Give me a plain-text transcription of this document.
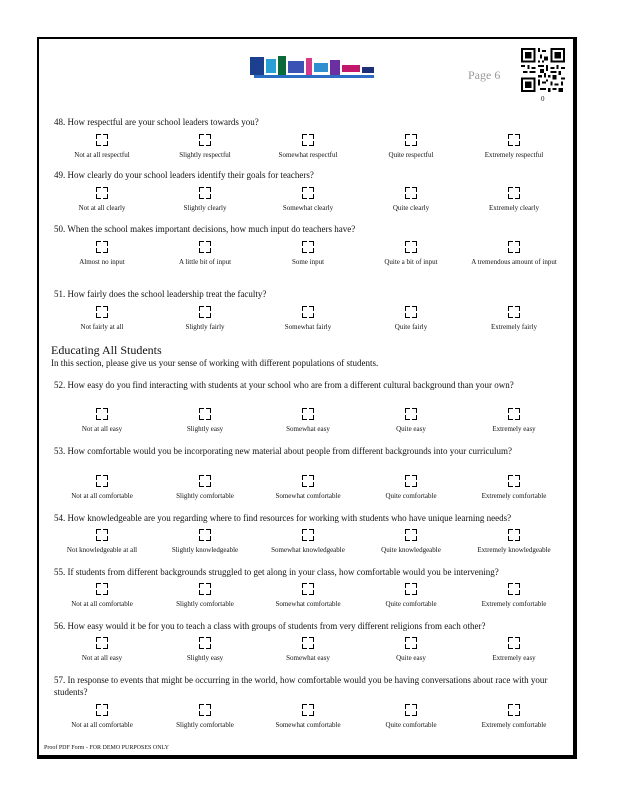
Page 6
0
48. How respectful are your school leaders towards you?
Not at all respectful	Slightly respectful	Somewhat respectful	Quite respectful	Extremely respectful
49. How clearly do your school leaders identify their goals for teachers?
Not at all clearly	Slightly clearly	Somewhat clearly	Quite clearly	Extremely clearly
50. When the school makes important decisions, how much input do teachers have?
Almost no input	A little bit of input	Some input	Quite a bit of input	A tremendous amount of input
51. How fairly does the school leadership treat the faculty?
Not fairly at all	Slightly fairly	Somewhat fairly	Quite fairly	Extremely fairly
Educating All Students
In this section, please give us your sense of working with different populations of students.
52. How easy do you find interacting with students at your school who are from a different cultural background than your own?
Not at all easy	Slightly easy	Somewhat easy	Quite easy	Extremely easy
53. How comfortable would you be incorporating new material about people from different backgrounds into your curriculum?
Not at all comfortable	Slightly comfortable	Somewhat comfortable	Quite comfortable	Extremely comfortable
54. How knowledgeable are you regarding where to find resources for working with students who have unique learning needs?
Not knowledgeable at all	Slightly knowledgeable	Somewhat knowledgeable	Quite knowledgeable	Extremely knowledgeable
55. If students from different backgrounds struggled to get along in your class, how comfortable would you be intervening?
Not at all comfortable	Slightly comfortable	Somewhat comfortable	Quite comfortable	Extremely comfortable
56. How easy would it be for you to teach a class with groups of students from very different religions from each other?
Not at all easy	Slightly easy	Somewhat easy	Quite easy	Extremely easy
57. In response to events that might be occurring in the world, how comfortable would you be having conversations about race with your students?
Not at all comfortable	Slightly comfortable	Somewhat comfortable	Quite comfortable	Extremely comfortable
Proof PDF Form - FOR DEMO PURPOSES ONLY
